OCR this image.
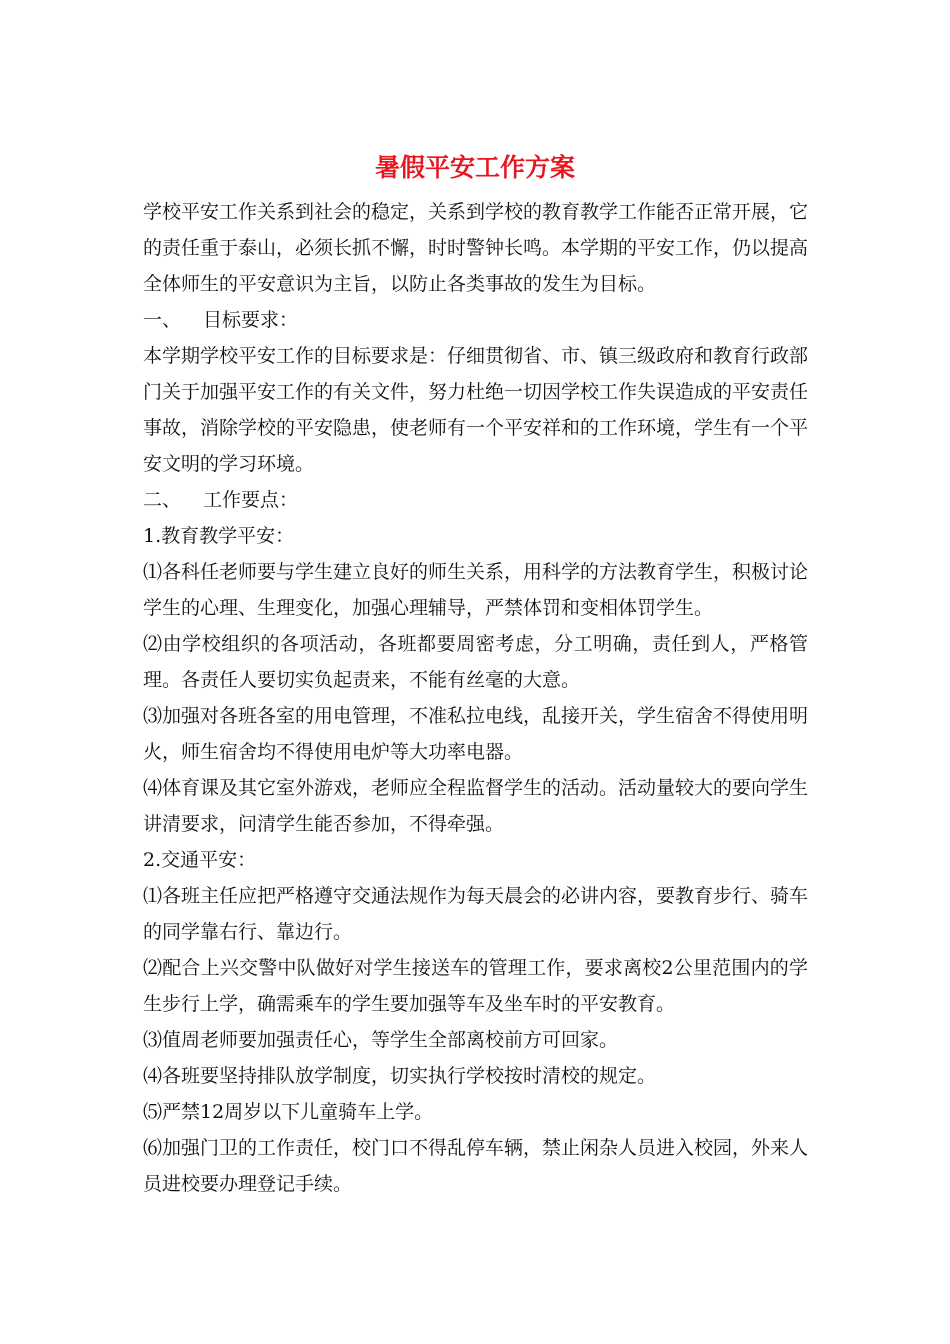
暑假平安工作方案

学校平安工作关系到社会的稳定，关系到学校的教育教学工作能否正常开展，它的责任重于泰山，必须长抓不懈，时时警钟长鸣。本学期的平安工作，仍以提高全体师生的平安意识为主旨，以防止各类事故的发生为目标。

一、 目标要求：

本学期学校平安工作的目标要求是：仔细贯彻省、市、镇三级政府和教育行政部门关于加强平安工作的有关文件，努力杜绝一切因学校工作失误造成的平安责任事故，消除学校的平安隐患，使老师有一个平安祥和的工作环境，学生有一个平安文明的学习环境。

二、 工作要点：

1.教育教学平安：

⑴各科任老师要与学生建立良好的师生关系，用科学的方法教育学生，积极讨论学生的心理、生理变化，加强心理辅导，严禁体罚和变相体罚学生。

⑵由学校组织的各项活动，各班都要周密考虑，分工明确，责任到人，严格管理。各责任人要切实负起责来，不能有丝毫的大意。

⑶加强对各班各室的用电管理，不准私拉电线，乱接开关，学生宿舍不得使用明火，师生宿舍均不得使用电炉等大功率电器。

⑷体育课及其它室外游戏，老师应全程监督学生的活动。活动量较大的要向学生讲清要求，问清学生能否参加，不得牵强。

2.交通平安：

⑴各班主任应把严格遵守交通法规作为每天晨会的必讲内容，要教育步行、骑车的同学靠右行、靠边行。

⑵配合上兴交警中队做好对学生接送车的管理工作，要求离校2公里范围内的学生步行上学，确需乘车的学生要加强等车及坐车时的平安教育。

⑶值周老师要加强责任心，等学生全部离校前方可回家。

⑷各班要坚持排队放学制度，切实执行学校按时清校的规定。

⑸严禁12周岁以下儿童骑车上学。

⑹加强门卫的工作责任，校门口不得乱停车辆，禁止闲杂人员进入校园，外来人员进校要办理登记手续。
